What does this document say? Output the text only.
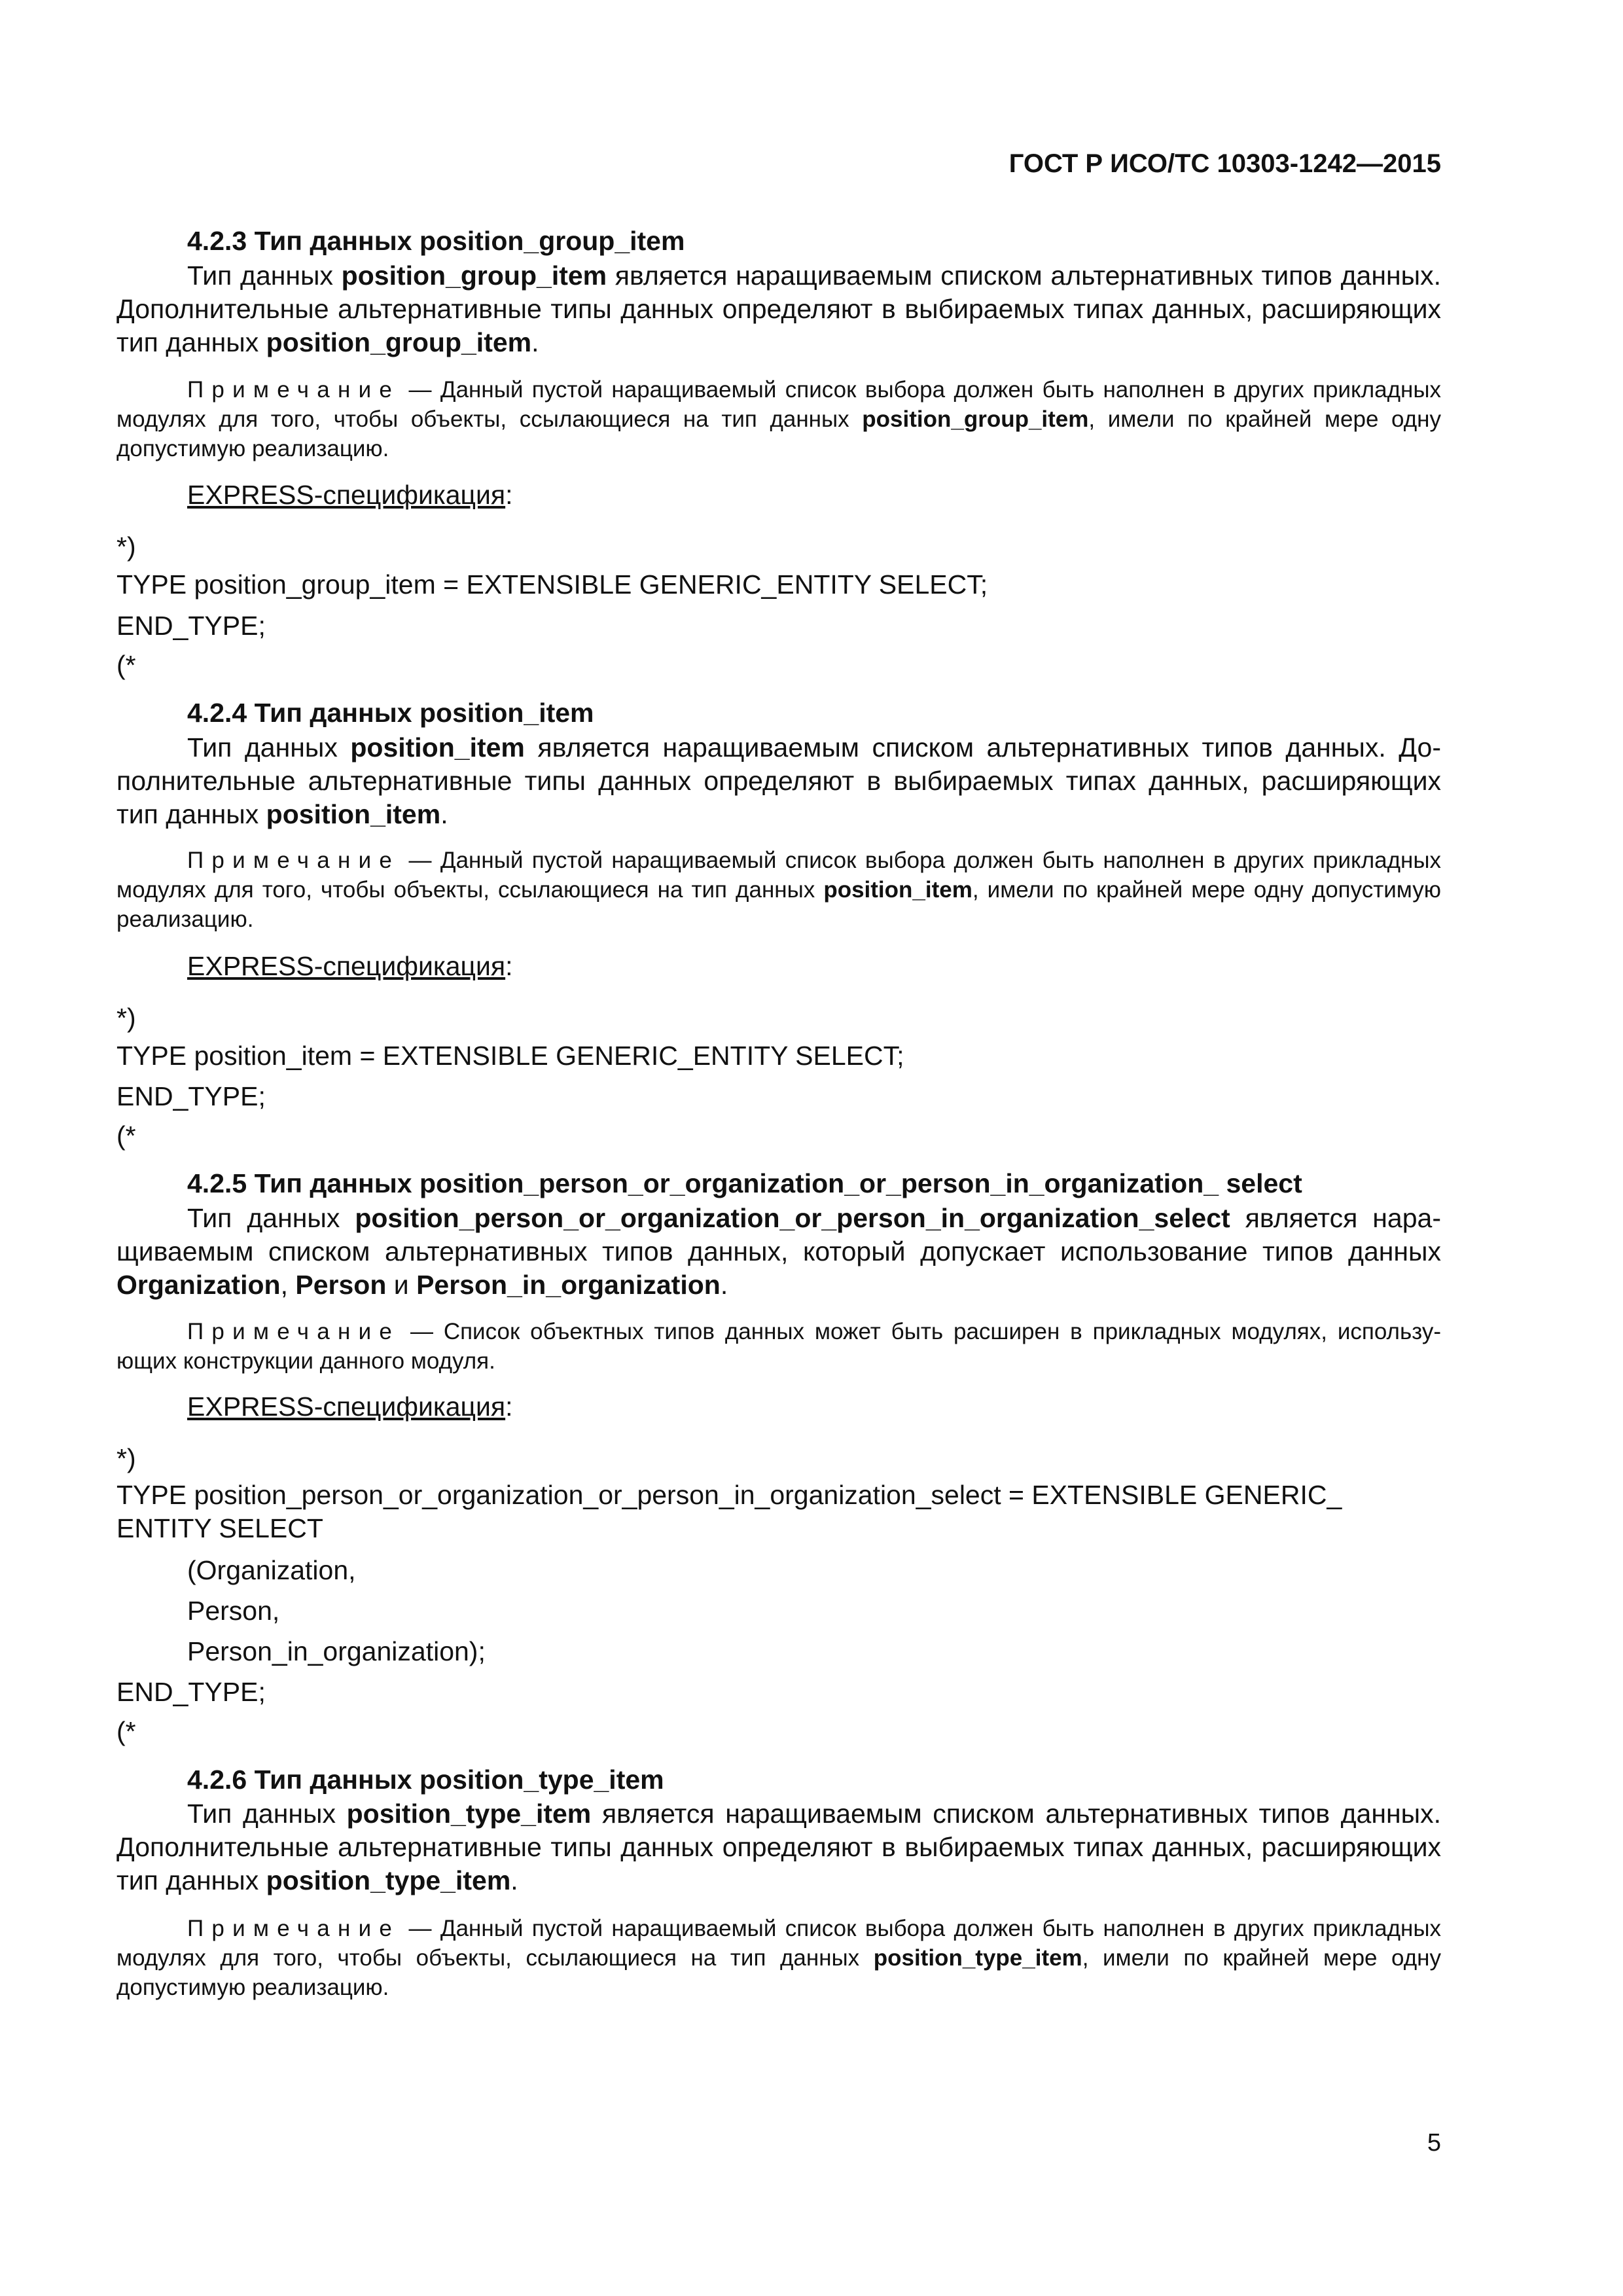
ГОСТ Р ИСО/ТС 10303-1242—2015
4.2.3 Тип данных position_group_item

Тип данных position_group_item является наращиваемым списком альтернативных типов данных. Дополнительные альтернативные типы данных определяют в выбираемых типах данных, расширяющих тип данных position_group_item.

Примечание — Данный пустой наращиваемый список выбора должен быть наполнен в других прикладных модулях для того, чтобы объекты, ссылающиеся на тип данных position_group_item, имели по крайней мере одну допустимую реализацию.

EXPRESS-спецификация:
*)
TYPE position_group_item = EXTENSIBLE GENERIC_ENTITY SELECT;
END_TYPE;
(*
4.2.4 Тип данных position_item

Тип данных position_item является наращиваемым списком альтернативных типов данных. Дополнительные альтернативные типы данных определяют в выбираемых типах данных, расширяющих тип данных position_item.

Примечание — Данный пустой наращиваемый список выбора должен быть наполнен в других прикладных модулях для того, чтобы объекты, ссылающиеся на тип данных position_item, имели по крайней мере одну допустимую реализацию.

EXPRESS-спецификация:
*)
TYPE position_item = EXTENSIBLE GENERIC_ENTITY SELECT;
END_TYPE;
(*
4.2.5 Тип данных position_person_or_organization_or_person_in_organization_ select

Тип данных position_person_or_organization_or_person_in_organization_select является наращиваемым списком альтернативных типов данных, который допускает использование типов данных Organization, Person и Person_in_organization.

Примечание — Список объектных типов данных может быть расширен в прикладных модулях, использующих конструкции данного модуля.

EXPRESS-спецификация:
*)
TYPE position_person_or_organization_or_person_in_organization_select = EXTENSIBLE GENERIC_ ENTITY SELECT
(Organization,
Person,
Person_in_organization);
END_TYPE;
(*
4.2.6 Тип данных position_type_item

Тип данных position_type_item является наращиваемым списком альтернативных типов данных. Дополнительные альтернативные типы данных определяют в выбираемых типах данных, расширяющих тип данных position_type_item.

Примечание — Данный пустой наращиваемый список выбора должен быть наполнен в других прикладных модулях для того, чтобы объекты, ссылающиеся на тип данных position_type_item, имели по крайней мере одну допустимую реализацию.

5
